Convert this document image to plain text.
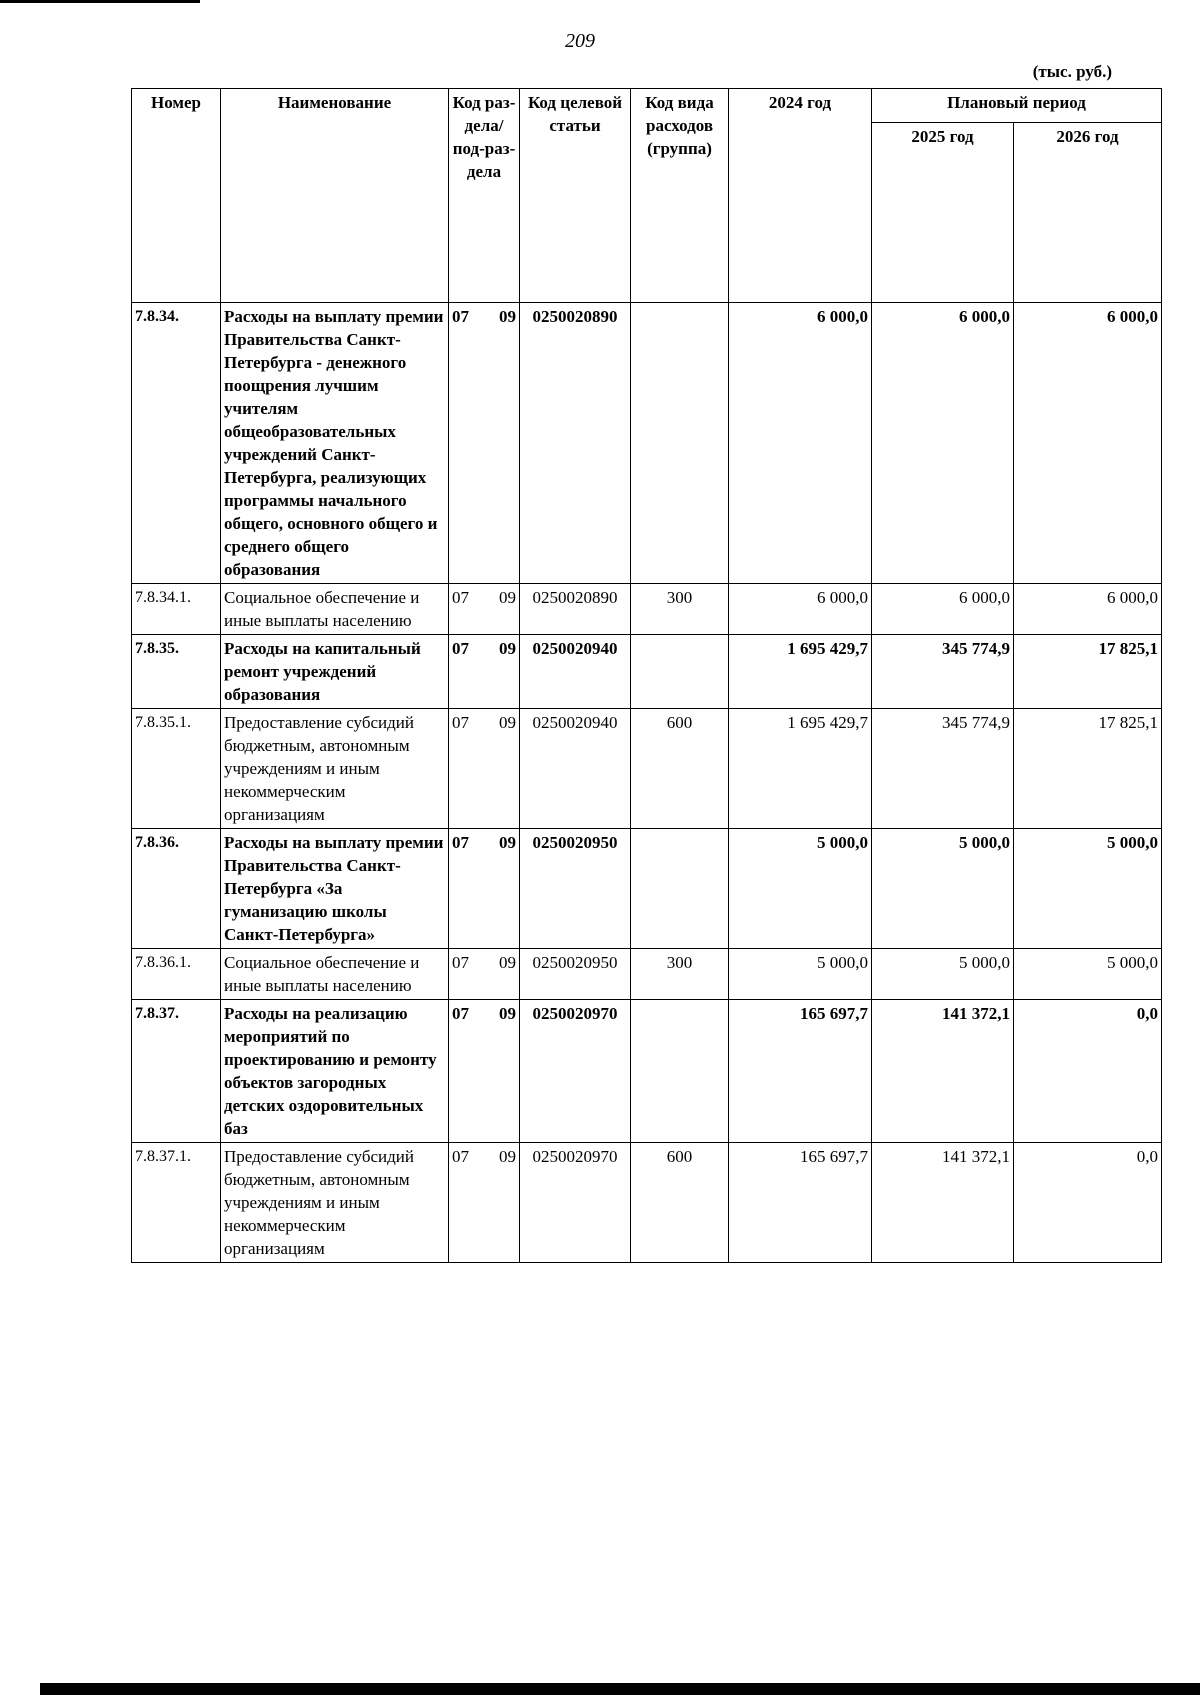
209
(тыс. руб.)
Номер	Наименование	Код раз-дела/ под-раз-дела	Код целевой статьи	Код вида расходов (группа)	2024 год	Плановый период	
						2025 год	2026 год
7.8.34.	Расходы на выплату премии Правительства Санкт-Петербурга - денежного поощрения лучшим учителям общеобразовательных учреждений Санкт-Петербурга, реализующих программы начального общего, основного общего и среднего общего образования	07 09	0250020890		6 000,0	6 000,0	6 000,0
7.8.34.1.	Социальное обеспечение и иные выплаты населению	07 09	0250020890	300	6 000,0	6 000,0	6 000,0
7.8.35.	Расходы на капитальный ремонт учреждений образования	07 09	0250020940		1 695 429,7	345 774,9	17 825,1
7.8.35.1.	Предоставление субсидий бюджетным, автономным учреждениям и иным некоммерческим организациям	07 09	0250020940	600	1 695 429,7	345 774,9	17 825,1
7.8.36.	Расходы на выплату премии Правительства Санкт-Петербурга «За гуманизацию школы Санкт-Петербурга»	07 09	0250020950		5 000,0	5 000,0	5 000,0
7.8.36.1.	Социальное обеспечение и иные выплаты населению	07 09	0250020950	300	5 000,0	5 000,0	5 000,0
7.8.37.	Расходы на реализацию мероприятий по проектированию и ремонту объектов загородных детских оздоровительных баз	07 09	0250020970		165 697,7	141 372,1	0,0
7.8.37.1.	Предоставление субсидий бюджетным, автономным учреждениям и иным некоммерческим организациям	07 09	0250020970	600	165 697,7	141 372,1	0,0
